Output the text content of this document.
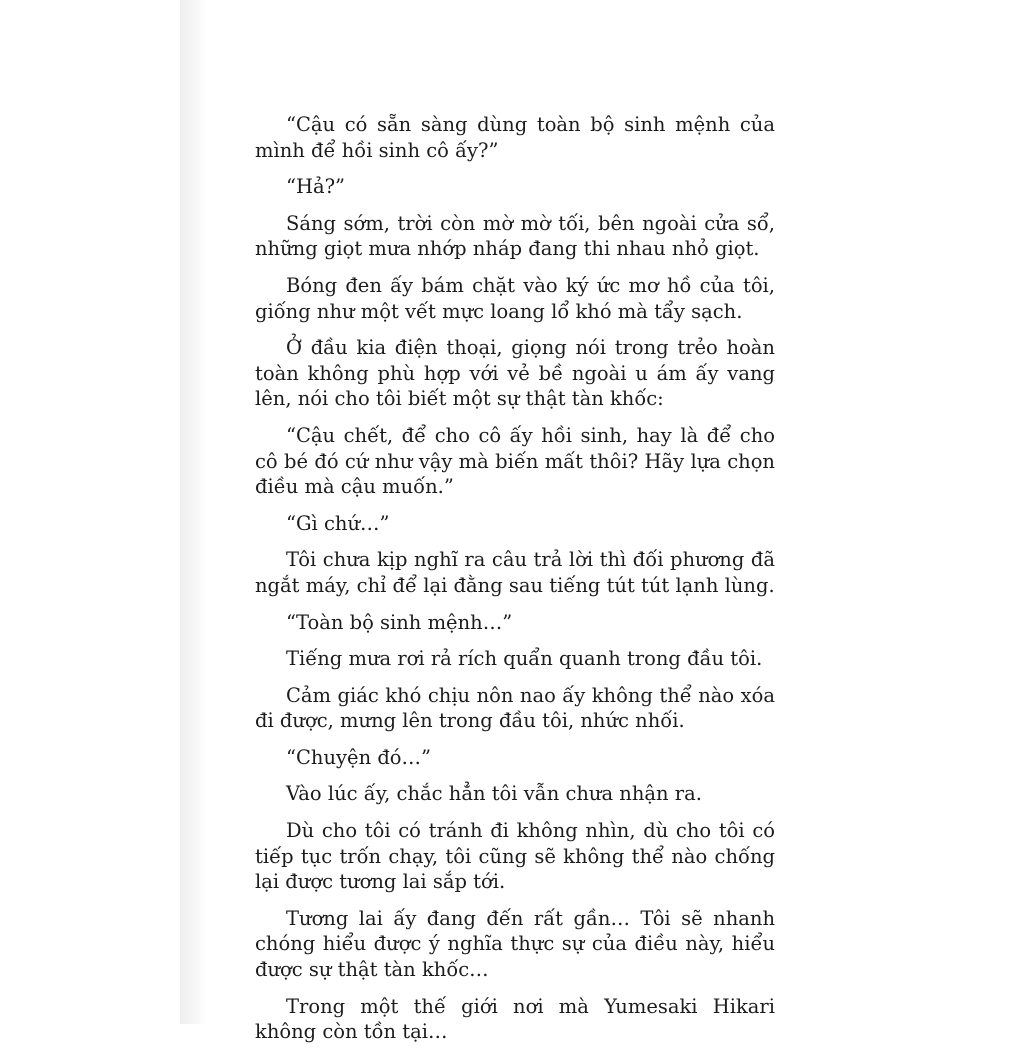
“Cậu có sẵn sàng dùng toàn bộ sinh mệnh của mình để hồi sinh cô ấy?”

“Hả?”

Sáng sớm, trời còn mờ mờ tối, bên ngoài cửa sổ, những giọt mưa nhớp nháp đang thi nhau nhỏ giọt.

Bóng đen ấy bám chặt vào ký ức mơ hồ của tôi, giống như một vết mực loang lổ khó mà tẩy sạch.

Ở đầu kia điện thoại, giọng nói trong trẻo hoàn toàn không phù hợp với vẻ bề ngoài u ám ấy vang lên, nói cho tôi biết một sự thật tàn khốc:

“Cậu chết, để cho cô ấy hồi sinh, hay là để cho cô bé đó cứ như vậy mà biến mất thôi? Hãy lựa chọn điều mà cậu muốn.”

“Gì chứ…”

Tôi chưa kịp nghĩ ra câu trả lời thì đối phương đã ngắt máy, chỉ để lại đằng sau tiếng tút tút lạnh lùng.

“Toàn bộ sinh mệnh…”

Tiếng mưa rơi rả rích quẩn quanh trong đầu tôi.

Cảm giác khó chịu nôn nao ấy không thể nào xóa đi được, mưng lên trong đầu tôi, nhức nhối.

“Chuyện đó…”

Vào lúc ấy, chắc hẳn tôi vẫn chưa nhận ra.

Dù cho tôi có tránh đi không nhìn, dù cho tôi có tiếp tục trốn chạy, tôi cũng sẽ không thể nào chống lại được tương lai sắp tới.

Tương lai ấy đang đến rất gần… Tôi sẽ nhanh chóng hiểu được ý nghĩa thực sự của điều này, hiểu được sự thật tàn khốc…

Trong một thế giới nơi mà Yumesaki Hikari không còn tồn tại…
